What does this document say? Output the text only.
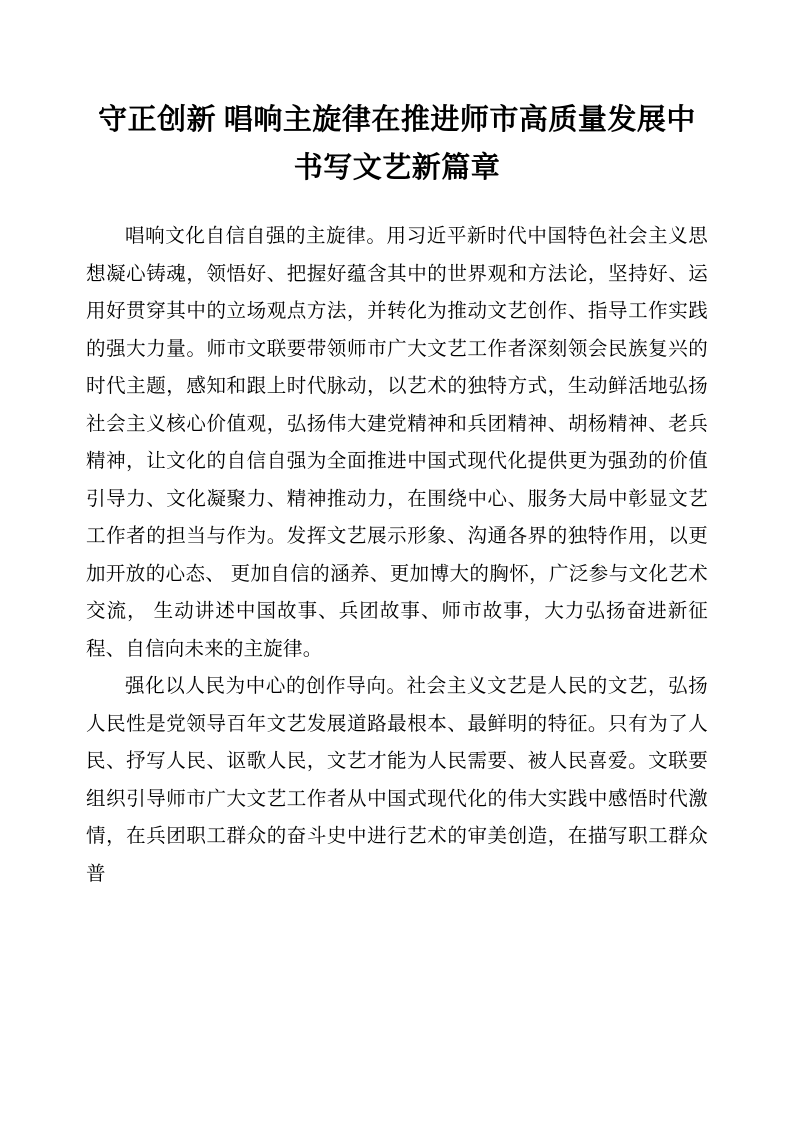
守正创新 唱响主旋律在推进师市高质量发展中书写文艺新篇章

唱响文化自信自强的主旋律。用习近平新时代中国特色社会主义思想凝心铸魂，领悟好、把握好蕴含其中的世界观和方法论，坚持好、运用好贯穿其中的立场观点方法，并转化为推动文艺创作、指导工作实践的强大力量。师市文联要带领师市广大文艺工作者深刻领会民族复兴的时代主题，感知和跟上时代脉动，以艺术的独特方式，生动鲜活地弘扬社会主义核心价值观，弘扬伟大建党精神和兵团精神、胡杨精神、老兵精神，让文化的自信自强为全面推进中国式现代化提供更为强劲的价值引导力、文化凝聚力、精神推动力，在围绕中心、服务大局中彰显文艺工作者的担当与作为。发挥文艺展示形象、沟通各界的独特作用，以更加开放的心态、 更加自信的涵养、更加博大的胸怀，广泛参与文化艺术交流， 生动讲述中国故事、兵团故事、师市故事，大力弘扬奋进新征程、自信向未来的主旋律。

强化以人民为中心的创作导向。社会主义文艺是人民的文艺，弘扬人民性是党领导百年文艺发展道路最根本、最鲜明的特征。只有为了人民、抒写人民、讴歌人民，文艺才能为人民需要、被人民喜爱。文联要组织引导师市广大文艺工作者从中国式现代化的伟大实践中感悟时代激情，在兵团职工群众的奋斗史中进行艺术的审美创造，在描写职工群众普
